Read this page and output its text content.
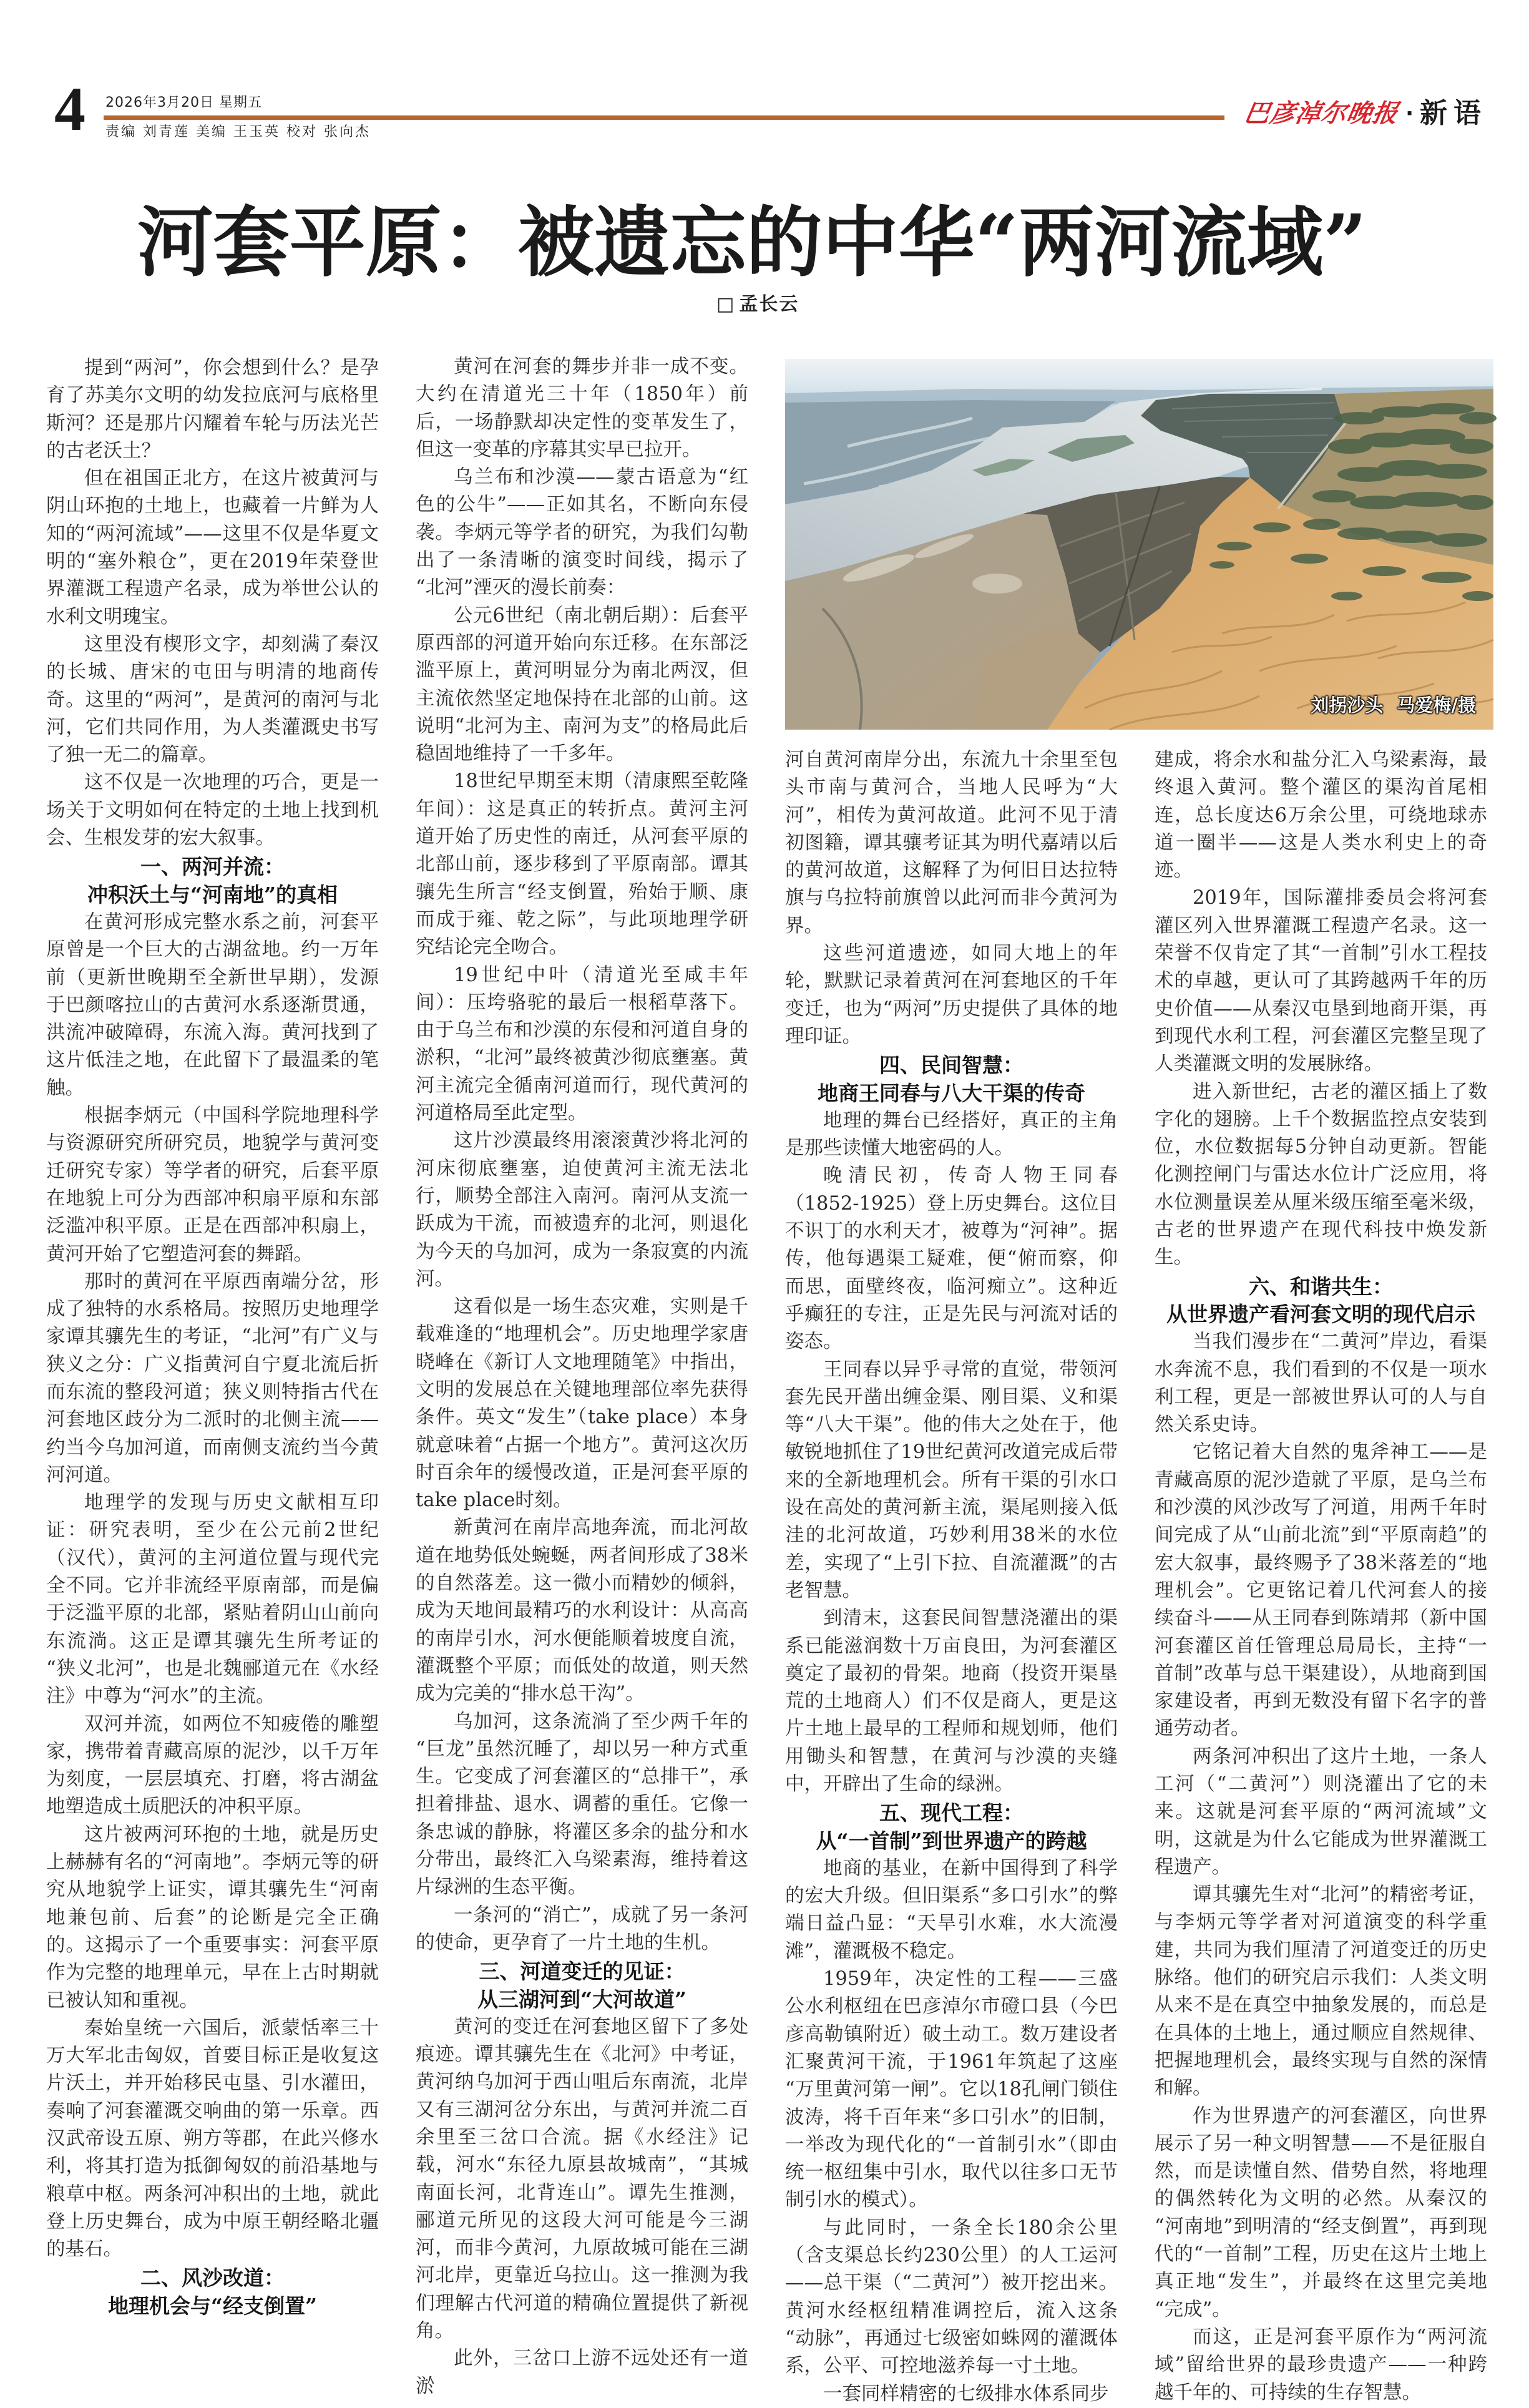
4 2026年3月20日 星期五
责编 刘青莲 美编 王玉英 校对 张向杰
巴彦淖尔晚报 · 新语
河套平原：被遗忘的中华“两河流域”
□ 孟长云

提到“两河”，你会想到什么？是孕育了苏美尔文明的幼发拉底河与底格里斯河？还是那片闪耀着车轮与历法光芒的古老沃土？

但在祖国正北方，在这片被黄河与阴山环抱的土地上，也藏着一片鲜为人知的“两河流域”——这里不仅是华夏文明的“塞外粮仓”，更在2019年荣登世界灌溉工程遗产名录，成为举世公认的水利文明瑰宝。

这里没有楔形文字，却刻满了秦汉的长城、唐宋的屯田与明清的地商传奇。这里的“两河”，是黄河的南河与北河，它们共同作用，为人类灌溉史书写了独一无二的篇章。

这不仅是一次地理的巧合，更是一场关于文明如何在特定的土地上找到机会、生根发芽的宏大叙事。

一、两河并流：
冲积沃土与“河南地”的真相

在黄河形成完整水系之前，河套平原曾是一个巨大的古湖盆地。约一万年前（更新世晚期至全新世早期），发源于巴颜喀拉山的古黄河水系逐渐贯通，洪流冲破障碍，东流入海。黄河找到了这片低洼之地，在此留下了最温柔的笔触。

根据李炳元（中国科学院地理科学与资源研究所研究员，地貌学与黄河变迁研究专家）等学者的研究，后套平原在地貌上可分为西部冲积扇平原和东部泛滥冲积平原。正是在西部冲积扇上，黄河开始了它塑造河套的舞蹈。

那时的黄河在平原西南端分岔，形成了独特的水系格局。按照历史地理学家谭其骧先生的考证，“北河”有广义与狭义之分：广义指黄河自宁夏北流后折而东流的整段河道；狭义则特指古代在河套地区歧分为二派时的北侧主流——约当今乌加河道，而南侧支流约当今黄河河道。

地理学的发现与历史文献相互印证：研究表明，至少在公元前2世纪（汉代），黄河的主河道位置与现代完全不同。它并非流经平原南部，而是偏于泛滥平原的北部，紧贴着阴山山前向东流淌。这正是谭其骧先生所考证的“狭义北河”，也是北魏郦道元在《水经注》中尊为“河水”的主流。

双河并流，如两位不知疲倦的雕塑家，携带着青藏高原的泥沙，以千万年为刻度，一层层填充、打磨，将古湖盆地塑造成土质肥沃的冲积平原。

这片被两河环抱的土地，就是历史上赫赫有名的“河南地”。李炳元等的研究从地貌学上证实，谭其骧先生“河南地兼包前、后套”的论断是完全正确的。这揭示了一个重要事实：河套平原作为完整的地理单元，早在上古时期就已被认知和重视。

秦始皇统一六国后，派蒙恬率三十万大军北击匈奴，首要目标正是收复这片沃土，并开始移民屯垦、引水灌田，奏响了河套灌溉交响曲的第一乐章。西汉武帝设五原、朔方等郡，在此兴修水利，将其打造为抵御匈奴的前沿基地与粮草中枢。两条河冲积出的土地，就此登上历史舞台，成为中原王朝经略北疆的基石。

二、风沙改道：
地理机会与“经支倒置”

黄河在河套的舞步并非一成不变。大约在清道光三十年（1850年）前后，一场静默却决定性的变革发生了，但这一变革的序幕其实早已拉开。

乌兰布和沙漠——蒙古语意为“红色的公牛”——正如其名，不断向东侵袭。李炳元等学者的研究，为我们勾勒出了一条清晰的演变时间线，揭示了“北河”湮灭的漫长前奏：

公元6世纪（南北朝后期）：后套平原西部的河道开始向东迁移。在东部泛滥平原上，黄河明显分为南北两汊，但主流依然坚定地保持在北部的山前。这说明“北河为主、南河为支”的格局此后稳固地维持了一千多年。

18世纪早期至末期（清康熙至乾隆年间）：这是真正的转折点。黄河主河道开始了历史性的南迁，从河套平原的北部山前，逐步移到了平原南部。谭其骧先生所言“经支倒置，殆始于顺、康而成于雍、乾之际”，与此项地理学研究结论完全吻合。

19世纪中叶（清道光至咸丰年间）：压垮骆驼的最后一根稻草落下。由于乌兰布和沙漠的东侵和河道自身的淤积，“北河”最终被黄沙彻底壅塞。黄河主流完全循南河道而行，现代黄河的河道格局至此定型。

这片沙漠最终用滚滚黄沙将北河的河床彻底壅塞，迫使黄河主流无法北行，顺势全部注入南河。南河从支流一跃成为干流，而被遗弃的北河，则退化为今天的乌加河，成为一条寂寞的内流河。

这看似是一场生态灾难，实则是千载难逢的“地理机会”。历史地理学家唐晓峰在《新订人文地理随笔》中指出，文明的发展总在关键地理部位率先获得条件。英文“发生”（take place）本身就意味着“占据一个地方”。黄河这次历时百余年的缓慢改道，正是河套平原的take place时刻。

新黄河在南岸高地奔流，而北河故道在地势低处蜿蜒，两者间形成了38米的自然落差。这一微小而精妙的倾斜，成为天地间最精巧的水利设计：从高高的南岸引水，河水便能顺着坡度自流，灌溉整个平原；而低处的故道，则天然成为完美的“排水总干沟”。

乌加河，这条流淌了至少两千年的“巨龙”虽然沉睡了，却以另一种方式重生。它变成了河套灌区的“总排干”，承担着排盐、退水、调蓄的重任。它像一条忠诚的静脉，将灌区多余的盐分和水分带出，最终汇入乌梁素海，维持着这片绿洲的生态平衡。

一条河的“消亡”，成就了另一条河的使命，更孕育了一片土地的生机。

三、河道变迁的见证：
从三湖河到“大河故道”

黄河的变迁在河套地区留下了多处痕迹。谭其骧先生在《北河》中考证，黄河纳乌加河于西山咀后东南流，北岸又有三湖河岔分东出，与黄河并流二百余里至三岔口合流。据《水经注》记载，河水“东径九原县故城南”，“其城南面长河，北背连山”。谭先生推测，郦道元所见的这段大河可能是今三湖河，而非今黄河，九原故城可能在三湖河北岸，更靠近乌拉山。这一推测为我们理解古代河道的精确位置提供了新视角。

此外，三岔口上游不远处还有一道淤

刘拐沙头 马爱梅/摄

河自黄河南岸分出，东流九十余里至包头市南与黄河合，当地人民呼为“大河”，相传为黄河故道。此河不见于清初图籍，谭其骧考证其为明代嘉靖以后的黄河故道，这解释了为何旧日达拉特旗与乌拉特前旗曾以此河而非今黄河为界。

这些河道遗迹，如同大地上的年轮，默默记录着黄河在河套地区的千年变迁，也为“两河”历史提供了具体的地理印证。

四、民间智慧：
地商王同春与八大干渠的传奇

地理的舞台已经搭好，真正的主角是那些读懂大地密码的人。

晚清民初，传奇人物王同春（1852-1925）登上历史舞台。这位目不识丁的水利天才，被尊为“河神”。据传，他每遇渠工疑难，便“俯而察，仰而思，面壁终夜，临河痴立”。这种近乎癫狂的专注，正是先民与河流对话的姿态。

王同春以异乎寻常的直觉，带领河套先民开凿出缠金渠、刚目渠、义和渠等“八大干渠”。他的伟大之处在于，他敏锐地抓住了19世纪黄河改道完成后带来的全新地理机会。所有干渠的引水口设在高处的黄河新主流，渠尾则接入低洼的北河故道，巧妙利用38米的水位差，实现了“上引下拉、自流灌溉”的古老智慧。

到清末，这套民间智慧浇灌出的渠系已能滋润数十万亩良田，为河套灌区奠定了最初的骨架。地商（投资开渠垦荒的土地商人）们不仅是商人，更是这片土地上最早的工程师和规划师，他们用锄头和智慧，在黄河与沙漠的夹缝中，开辟出了生命的绿洲。

五、现代工程：
从“一首制”到世界遗产的跨越

地商的基业，在新中国得到了科学的宏大升级。但旧渠系“多口引水”的弊端日益凸显：“天旱引水难，水大流漫滩”，灌溉极不稳定。

1959年，决定性的工程——三盛公水利枢纽在巴彦淖尔市磴口县（今巴彦高勒镇附近）破土动工。数万建设者汇聚黄河干流，于1961年筑起了这座“万里黄河第一闸”。它以18孔闸门锁住波涛，将千百年来“多口引水”的旧制，一举改为现代化的“一首制引水”（即由统一枢纽集中引水，取代以往多口无节制引水的模式）。

与此同时，一条全长180余公里（含支渠总长约230公里）的人工运河——总干渠（“二黄河”）被开挖出来。黄河水经枢纽精准调控后，流入这条“动脉”，再通过七级密如蛛网的灌溉体系，公平、可控地滋养每一寸土地。

一套同样精密的七级排水体系同步

建成，将余水和盐分汇入乌梁素海，最终退入黄河。整个灌区的渠沟首尾相连，总长度达6万余公里，可绕地球赤道一圈半——这是人类水利史上的奇迹。

2019年，国际灌排委员会将河套灌区列入世界灌溉工程遗产名录。这一荣誉不仅肯定了其“一首制”引水工程技术的卓越，更认可了其跨越两千年的历史价值——从秦汉屯垦到地商开渠，再到现代水利工程，河套灌区完整呈现了人类灌溉文明的发展脉络。

进入新世纪，古老的灌区插上了数字化的翅膀。上千个数据监控点安装到位，水位数据每5分钟自动更新。智能化测控闸门与雷达水位计广泛应用，将水位测量误差从厘米级压缩至毫米级，古老的世界遗产在现代科技中焕发新生。

六、和谐共生：
从世界遗产看河套文明的现代启示

当我们漫步在“二黄河”岸边，看渠水奔流不息，我们看到的不仅是一项水利工程，更是一部被世界认可的人与自然关系史诗。

它铭记着大自然的鬼斧神工——是青藏高原的泥沙造就了平原，是乌兰布和沙漠的风沙改写了河道，用两千年时间完成了从“山前北流”到“平原南趋”的宏大叙事，最终赐予了38米落差的“地理机会”。它更铭记着几代河套人的接续奋斗——从王同春到陈靖邦（新中国河套灌区首任管理总局局长，主持“一首制”改革与总干渠建设），从地商到国家建设者，再到无数没有留下名字的普通劳动者。

两条河冲积出了这片土地，一条人工河（“二黄河”）则浇灌出了它的未来。这就是河套平原的“两河流域”文明，这就是为什么它能成为世界灌溉工程遗产。

谭其骧先生对“北河”的精密考证，与李炳元等学者对河道演变的科学重建，共同为我们厘清了河道变迁的历史脉络。他们的研究启示我们：人类文明从来不是在真空中抽象发展的，而总是在具体的土地上，通过顺应自然规律、把握地理机会，最终实现与自然的深情和解。

作为世界遗产的河套灌区，向世界展示了另一种文明智慧——不是征服自然，而是读懂自然、借势自然，将地理的偶然转化为文明的必然。从秦汉的“河南地”到明清的“经支倒置”，再到现代的“一首制”工程，历史在这片土地上真正地“发生”，并最终在这里完美地“完成”。

而这，正是河套平原作为“两河流域”留给世界的最珍贵遗产——一种跨越千年的、可持续的生存智慧。
